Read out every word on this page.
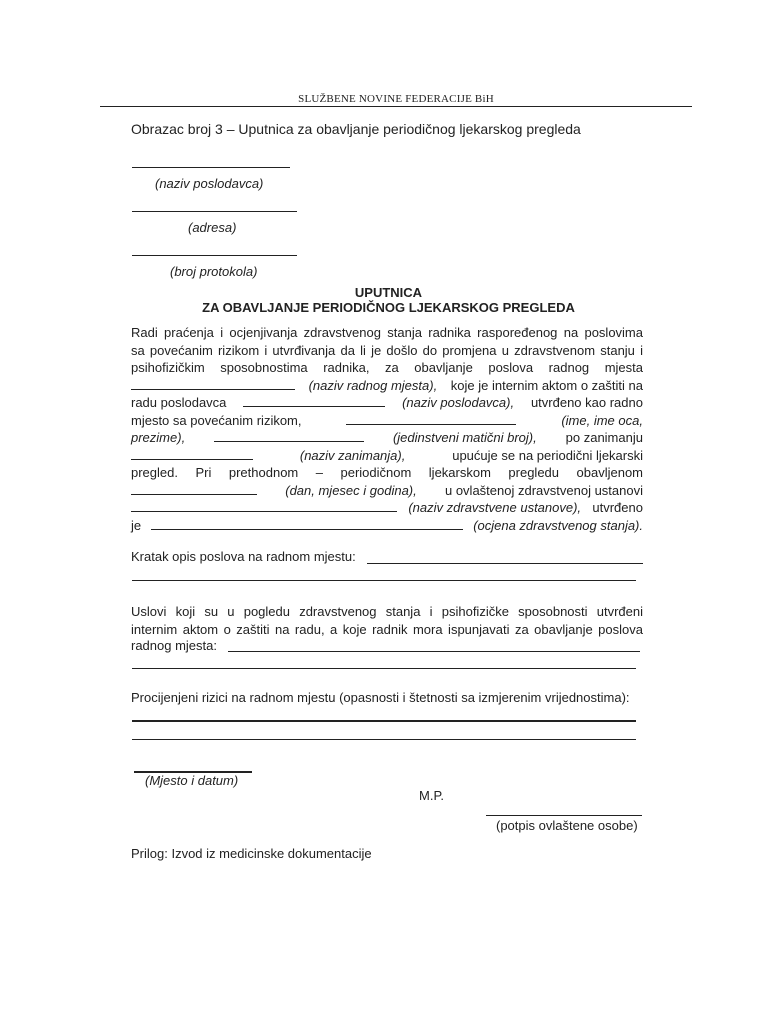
SLUŽBENE NOVINE FEDERACIJE BiH
Obrazac broj 3 – Uputnica za obavljanje periodičnog ljekarskog pregleda
(naziv poslodavca)
(adresa)
(broj protokola)
UPUTNICA
ZA OBAVLJANJE PERIODIČNOG LJEKARSKOG PREGLEDA
Radi praćenja i ocjenjivanja zdravstvenog stanja radnika raspoređenog na poslovima
sa povećanim rizikom i utvrđivanja da li je došlo do promjena u zdravstvenom stanju i
psihofizičkim sposobnostima radnika, za obavljanje poslova radnog mjesta
(naziv radnog mjesta), koje je internim aktom o zaštiti na
radu poslodavca	(naziv poslodavca), utvrđeno kao radno
mjesto sa povećanim rizikom,	(ime, ime oca,
prezime),	(jedinstveni matični broj), po zanimanju
(naziv zanimanja),	upućuje se na periodični ljekarski
pregled. Pri prethodnom – periodičnom ljekarskom pregledu obavljenom
(dan, mjesec i godina), u ovlaštenoj zdravstvenoj ustanovi
(naziv zdravstvene ustanove), utvrđeno
je	(ocjena zdravstvenog stanja).
Kratak opis poslova na radnom mjestu:
Uslovi koji su u pogledu zdravstvenog stanja i psihofizičke sposobnosti utvrđeni
internim aktom o zaštiti na radu, a koje radnik mora ispunjavati za obavljanje poslova
radnog mjesta:
Procijenjeni rizici na radnom mjestu (opasnosti i štetnosti sa izmjerenim vrijednostima):
(Mjesto i datum)
M.P.
(potpis ovlaštene osobe)
Prilog: Izvod iz medicinske dokumentacije
